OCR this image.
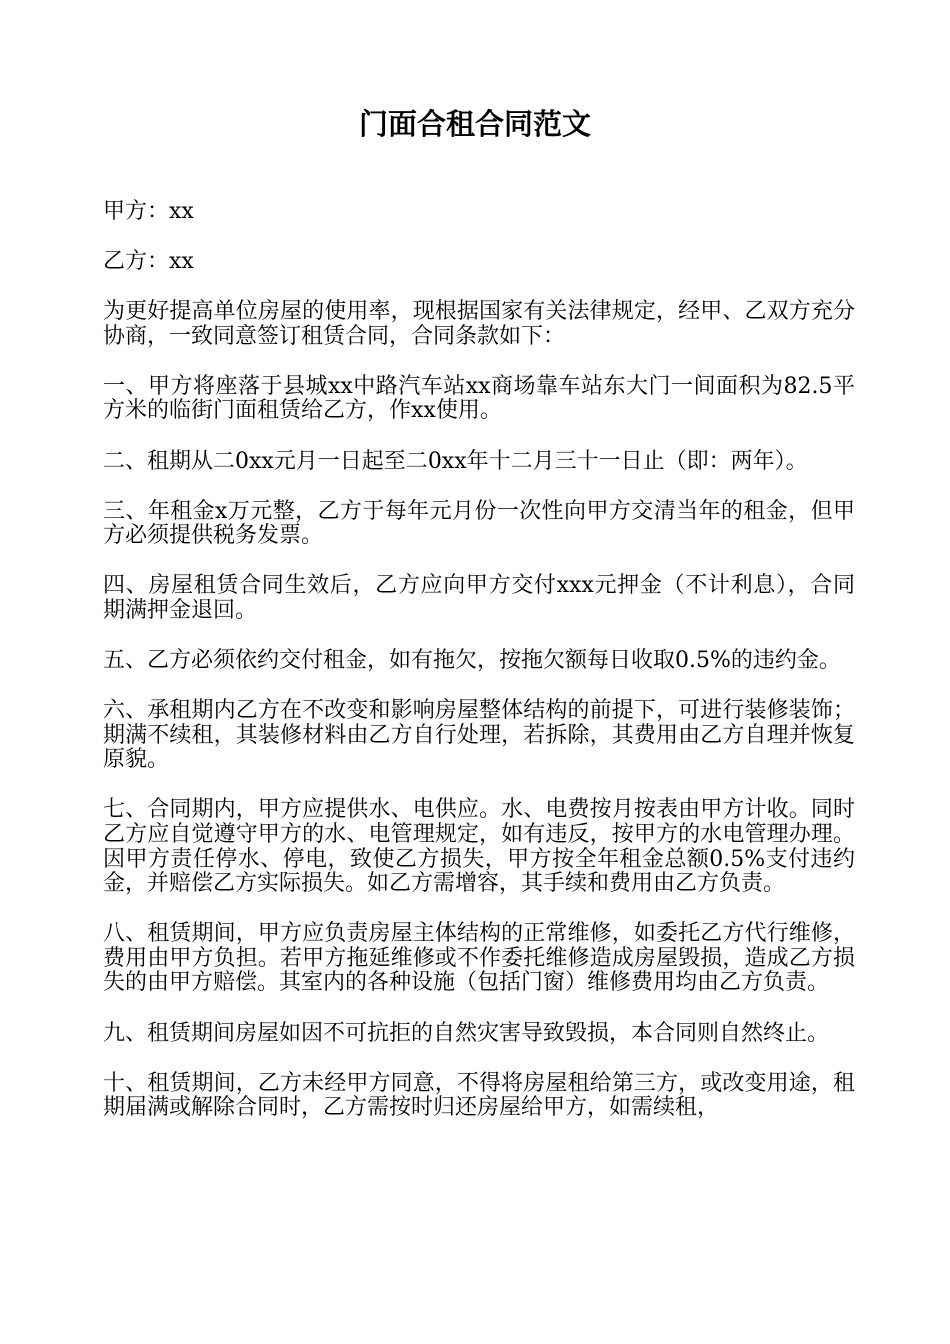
门面合租合同范文

甲方：xx

乙方：xx

为更好提高单位房屋的使用率，现根据国家有关法律规定，经甲、乙双方充分协商，一致同意签订租赁合同，合同条款如下：

一、甲方将座落于县城xx中路汽车站xx商场靠车站东大门一间面积为82.5平方米的临街门面租赁给乙方，作xx使用。

二、租期从二0xx元月一日起至二0xx年十二月三十一日止（即：两年）。

三、年租金x万元整，乙方于每年元月份一次性向甲方交清当年的租金，但甲方必须提供税务发票。

四、房屋租赁合同生效后，乙方应向甲方交付xxx元押金（不计利息），合同期满押金退回。

五、乙方必须依约交付租金，如有拖欠，按拖欠额每日收取0.5%的违约金。

六、承租期内乙方在不改变和影响房屋整体结构的前提下，可进行装修装饰；期满不续租，其装修材料由乙方自行处理，若拆除，其费用由乙方自理并恢复原貌。

七、合同期内，甲方应提供水、电供应。水、电费按月按表由甲方计收。同时乙方应自觉遵守甲方的水、电管理规定，如有违反，按甲方的水电管理办理。因甲方责任停水、停电，致使乙方损失，甲方按全年租金总额0.5%支付违约金，并赔偿乙方实际损失。如乙方需增容，其手续和费用由乙方负责。

八、租赁期间，甲方应负责房屋主体结构的正常维修，如委托乙方代行维修，费用由甲方负担。若甲方拖延维修或不作委托维修造成房屋毁损，造成乙方损失的由甲方赔偿。其室内的各种设施（包括门窗）维修费用均由乙方负责。

九、租赁期间房屋如因不可抗拒的自然灾害导致毁损，本合同则自然终止。

十、租赁期间，乙方未经甲方同意，不得将房屋租给第三方，或改变用途，租期届满或解除合同时，乙方需按时归还房屋给甲方，如需续租，
